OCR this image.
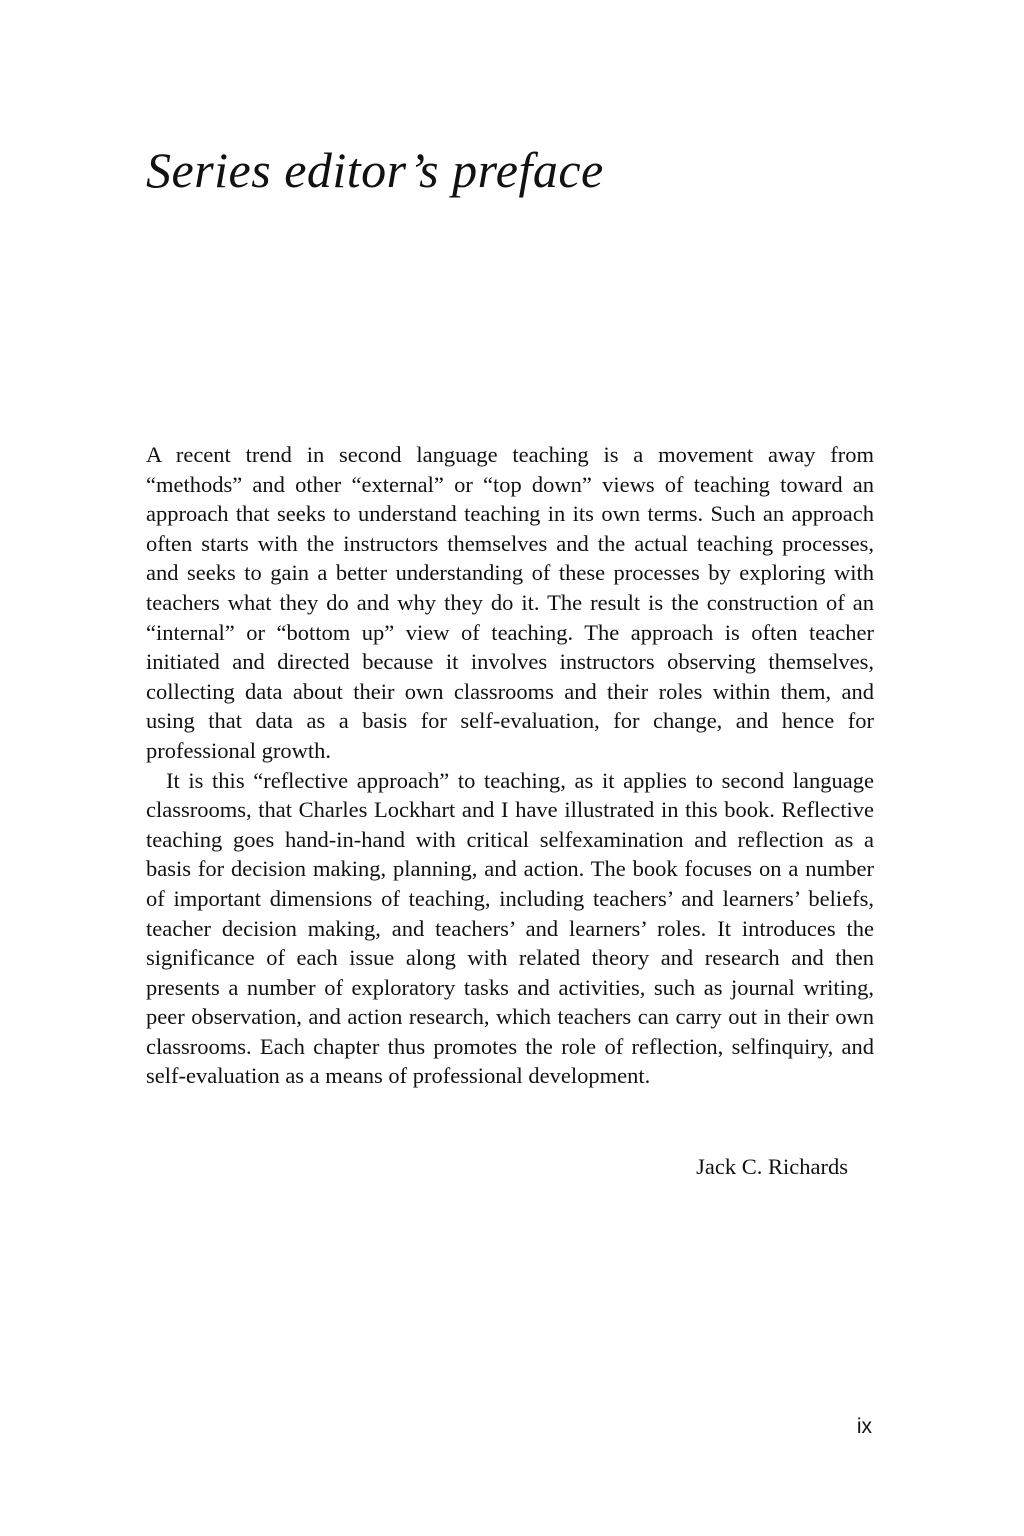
Series editor’s preface

A recent trend in second language teaching is a movement away from “methods” and other “external” or “top down” views of teaching toward an approach that seeks to understand teaching in its own terms. Such an approach often starts with the instructors themselves and the actual teaching processes, and seeks to gain a better understanding of these processes by exploring with teachers what they do and why they do it. The result is the construction of an “internal” or “bottom up” view of teaching. The approach is often teacher initiated and directed because it involves instructors observing themselves, collecting data about their own classrooms and their roles within them, and using that data as a basis for self-evaluation, for change, and hence for professional growth.

It is this “reflective approach” to teaching, as it applies to second language classrooms, that Charles Lockhart and I have illustrated in this book. Reflective teaching goes hand-in-hand with critical selfexamination and reflection as a basis for decision making, planning, and action. The book focuses on a number of important dimensions of teaching, including teachers’ and learners’ beliefs, teacher decision making, and teachers’ and learners’ roles. It introduces the significance of each issue along with related theory and research and then presents a number of exploratory tasks and activities, such as journal writing, peer observation, and action research, which teachers can carry out in their own classrooms. Each chapter thus promotes the role of reflection, selfinquiry, and self-evaluation as a means of professional development.

Jack C. Richards

ix
